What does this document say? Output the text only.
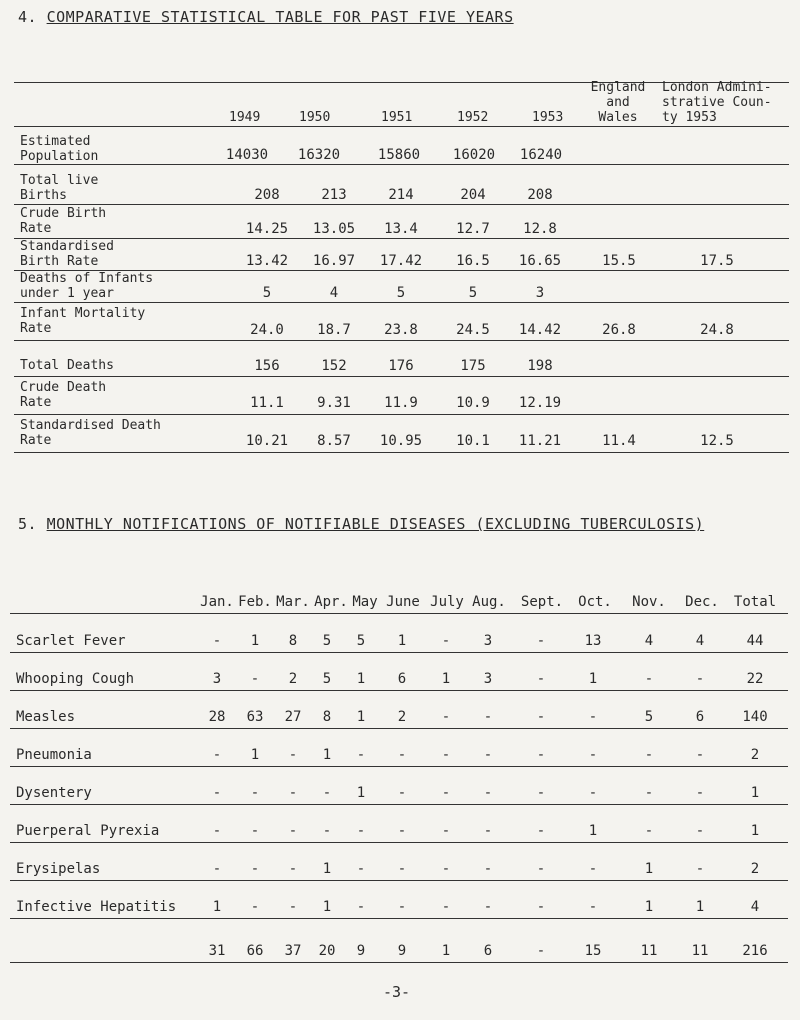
4. COMPARATIVE STATISTICAL TABLE FOR PAST FIVE YEARS
1949	1950	1951	1952	1953
England
and
Wales
London Admini-
strative Coun-
ty 1953
Estimated
Population	14030	16320	15860	16020	16240
Total live
Births	208	213	214	204	208
Crude Birth
Rate	14.25	13.05	13.4	12.7	12.8
Standardised
Birth Rate	13.42	16.97	17.42	16.5	16.65	15.5	17.5
Deaths of Infants
under 1 year	5	4	5	5	3
Infant Mortality
Rate	24.0	18.7	23.8	24.5	14.42	26.8	24.8
Total Deaths	156	152	176	175	198
Crude Death
Rate	11.1	9.31	11.9	10.9	12.19
Standardised Death
Rate	10.21	8.57	10.95	10.1	11.21	11.4	12.5
5. MONTHLY NOTIFICATIONS OF NOTIFIABLE DISEASES (EXCLUDING TUBERCULOSIS)
Jan. Feb. Mar. Apr. May June July Aug.	Sept.	Oct.	Nov.	Dec.	Total
Scarlet Fever	-	1	8	5	5	1	-	3	-	13	4	4	44
Whooping Cough	3	-	2	5	1	6	1	3	-	1	-	-	22
Measles	28	63	27	8	1	2	-	-	-	-	5	6	140
Pneumonia	-	1	-	1	-	-	-	-	-	-	-	-	2
Dysentery	-	-	-	-	1	-	-	-	-	-	-	-	1
Puerperal Pyrexia	-	-	-	-	-	-	-	-	-	1	-	-	1
Erysipelas	-	-	-	1	-	-	-	-	-	-	1	-	2
Infective Hepatitis	1	-	-	1	-	-	-	-	-	-	1	1	4
31	66	37	20	9	9	1	6	-	15	11	11	216
-3-
